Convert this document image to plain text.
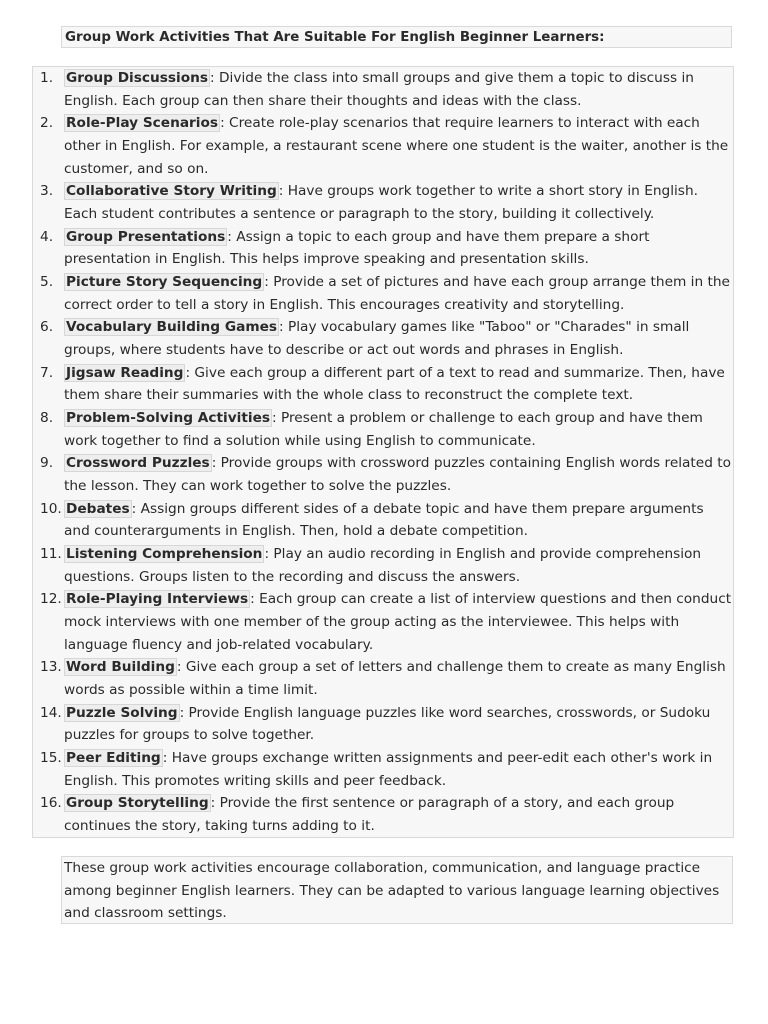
Group Work Activities That Are Suitable For English Beginner Learners:
1. Group Discussions : Divide the class into small groups and give them a topic to discuss in English. Each group can then share their thoughts and ideas with the class.
2. Role-Play Scenarios : Create role-play scenarios that require learners to interact with each other in English. For example, a restaurant scene where one student is the waiter, another is the customer, and so on.
3. Collaborative Story Writing : Have groups work together to write a short story in English. Each student contributes a sentence or paragraph to the story, building it collectively.
4. Group Presentations : Assign a topic to each group and have them prepare a short presentation in English. This helps improve speaking and presentation skills.
5. Picture Story Sequencing : Provide a set of pictures and have each group arrange them in the correct order to tell a story in English. This encourages creativity and storytelling.
6. Vocabulary Building Games : Play vocabulary games like "Taboo" or "Charades" in small groups, where students have to describe or act out words and phrases in English.
7. Jigsaw Reading : Give each group a different part of a text to read and summarize. Then, have them share their summaries with the whole class to reconstruct the complete text.
8. Problem-Solving Activities : Present a problem or challenge to each group and have them work together to find a solution while using English to communicate.
9. Crossword Puzzles : Provide groups with crossword puzzles containing English words related to the lesson. They can work together to solve the puzzles.
10. Debates : Assign groups different sides of a debate topic and have them prepare arguments and counterarguments in English. Then, hold a debate competition.
11. Listening Comprehension : Play an audio recording in English and provide comprehension questions. Groups listen to the recording and discuss the answers.
12. Role-Playing Interviews : Each group can create a list of interview questions and then conduct mock interviews with one member of the group acting as the interviewee. This helps with language fluency and job-related vocabulary.
13. Word Building : Give each group a set of letters and challenge them to create as many English words as possible within a time limit.
14. Puzzle Solving : Provide English language puzzles like word searches, crosswords, or Sudoku puzzles for groups to solve together.
15. Peer Editing : Have groups exchange written assignments and peer-edit each other's work in English. This promotes writing skills and peer feedback.
16. Group Storytelling : Provide the first sentence or paragraph of a story, and each group continues the story, taking turns adding to it.
These group work activities encourage collaboration, communication, and language practice among beginner English learners. They can be adapted to various language learning objectives and classroom settings.
